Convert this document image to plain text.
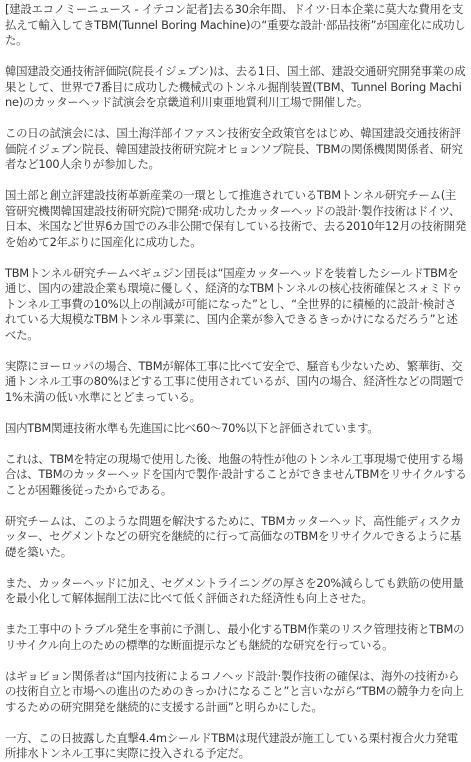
[建設エコノミーニュース - イテコン記者]去る30余年間、ドイツ·日本企業に莫大な費用を支払えて輸入してきTBM(Tunnel Boring Machine)の“重要な設計·部品技術”が国産化に成功した。

韓国建設交通技術評価院(院長イジェブン)は、去る1日、国土部、建設交通研究開発事業の成果として、世界で7番目に成功した機械式のトンネル掘削装置(TBM、Tunnel Boring Machine)のカッターヘッド試演会を京畿道利川東亜地質利川工場で開催した。

この日の試演会には、国土海洋部イファスン技術安全政策官をはじめ、韓国建設交通技術評価院イジェブン院長、韓国建設技術研究院オヒョンソプ院長、TBMの関係機関関係者、研究者など100人余りが参加した。

国土部と創立評建設技術革新産業の一環として推進されているTBMトンネル研究チーム(主管研究機関韓国建設技術研究院)で開発·成功したカッターヘッドの設計·製作技術はドイツ、日本、米国など世界6カ国でのみ非公開で保有している技術で、去る2010年12月の技術開発を始めて2年ぶりに国産化に成功した。

TBMトンネル研究チームべギュジン団長は“国産カッターヘッドを装着したシールドTBMを通じ、国内の建設企業も環境に優しく、経済的なTBMトンネルの核心技術確保とスォミドゥトンネル工事費の10%以上の削減が可能になった”とし、“全世界的に積極的に設計·検討されている大規模なTBMトンネル事業に、国内企業が参入できるきっかけになるだろう”と述べた。

実際にヨーロッパの場合、TBMが解体工事に比べて安全で、騒音も少ないため、繁華街、交通トンネル工事の80%ほどする工事に使用されているが、国内の場合、経済性などの問題で1%未満の低い水準にとどまっている。

国内TBM関連技術水準も先進国に比べ60〜70%以下と評価されています。

これは、TBMを特定の現場で使用した後、地盤の特性が他のトンネル工事現場で使用する場合は、TBMのカッターヘッドを国内で製作·設計することができませんTBMをリサイクルすることが困難後従ったからである。

研究チームは、このような問題を解決するために、TBMカッターヘッド、高性能ディスクカッター、セグメントなどの研究を継続的に行って高価なのTBMをリサイクルできるように基礎を築いた。

また、カッターヘッドに加え、セグメントライニングの厚さを20%減らしても鉄筋の使用量を最小化して解体掘削工法に比べて低く評価された経済性も向上させた。

また工事中のトラブル発生を事前に予測し、最小化するTBM作業のリスク管理技術とTBMのリサイクル向上のための標準的な断面提示なども継続的な研究を行っている。

はギョビョン関係者は“国内技術によるコノヘッド設計·製作技術の確保は、海外の技術からの技術自立と市場への進出のためのきっかけになること”と言いながら“TBMの競争力を向上するための研究開発を継続的に支援する計画”と明らかにした。

一方、この日披露した直撃4.4mシールドTBMは現代建設が施工している栗村複合火力発電所排水トンネル工事に実際に投入される予定だ。
